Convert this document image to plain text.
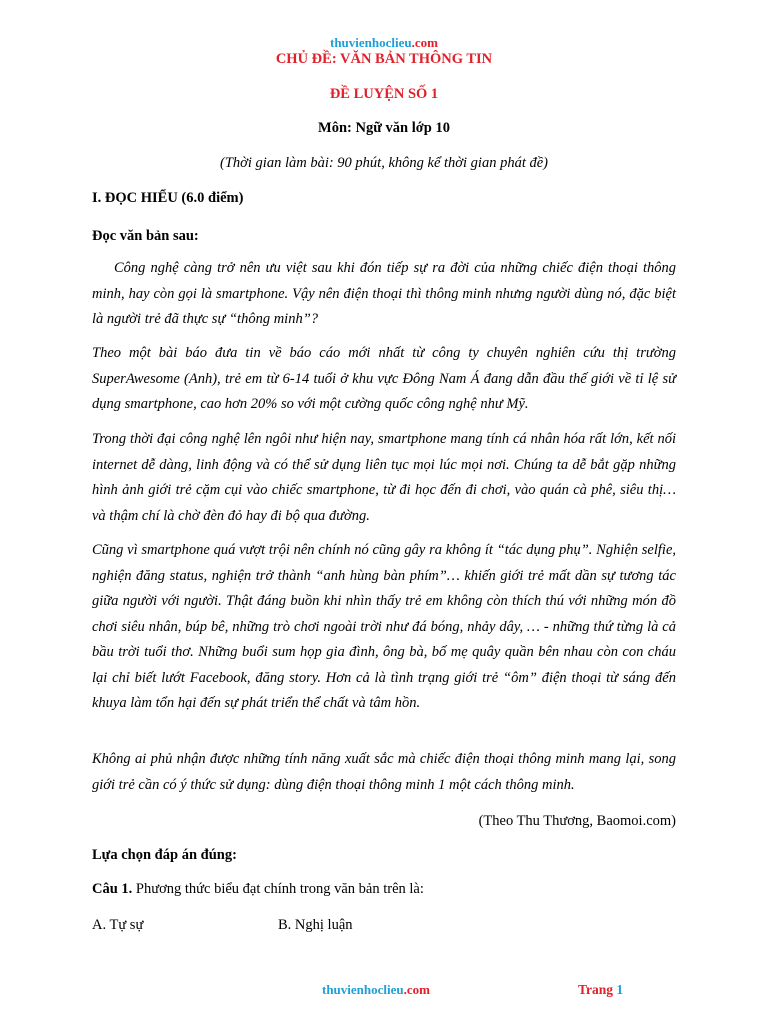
thuvienhoclieu.com
CHỦ ĐỀ: VĂN BẢN THÔNG TIN
ĐỀ LUYỆN SỐ 1
Môn: Ngữ văn lớp 10
(Thời gian làm bài: 90 phút, không kể thời gian phát đề)
I. ĐỌC HIỂU (6.0 điểm)
Đọc văn bản sau:

Công nghệ càng trở nên ưu việt sau khi đón tiếp sự ra đời của những chiếc điện thoại thông minh, hay còn gọi là smartphone. Vậy nên điện thoại thì thông minh nhưng người dùng nó, đặc biệt là người trẻ đã thực sự “thông minh”?

Theo một bài báo đưa tin về báo cáo mới nhất từ công ty chuyên nghiên cứu thị trường SuperAwesome (Anh), trẻ em từ 6-14 tuổi ở khu vực Đông Nam Á đang dẫn đầu thế giới về tỉ lệ sử dụng smartphone, cao hơn 20% so với một cường quốc công nghệ như Mỹ.

Trong thời đại công nghệ lên ngôi như hiện nay, smartphone mang tính cá nhân hóa rất lớn, kết nối internet dễ dàng, linh động và có thể sử dụng liên tục mọi lúc mọi nơi. Chúng ta dễ bắt gặp những hình ảnh giới trẻ cặm cụi vào chiếc smartphone, từ đi học đến đi chơi, vào quán cà phê, siêu thị… và thậm chí là chờ đèn đỏ hay đi bộ qua đường.

Cũng vì smartphone quá vượt trội nên chính nó cũng gây ra không ít “tác dụng phụ”. Nghiện selfie, nghiện đăng status, nghiện trở thành “anh hùng bàn phím”… khiến giới trẻ mất dần sự tương tác giữa người với người. Thật đáng buồn khi nhìn thấy trẻ em không còn thích thú với những món đồ chơi siêu nhân, búp bê, những trò chơi ngoài trời như đá bóng, nhảy dây, … - những thứ từng là cả bầu trời tuổi thơ. Những buổi sum họp gia đình, ông bà, bố mẹ quây quần bên nhau còn con cháu lại chỉ biết lướt Facebook, đăng story. Hơn cả là tình trạng giới trẻ “ôm” điện thoại từ sáng đến khuya làm tổn hại đến sự phát triển thể chất và tâm hồn.

Không ai phủ nhận được những tính năng xuất sắc mà chiếc điện thoại thông minh mang lại, song giới trẻ cần có ý thức sử dụng: dùng điện thoại thông minh 1 một cách thông minh.

(Theo Thu Thương, Baomoi.com)
Lựa chọn đáp án đúng:
Câu 1. Phương thức biểu đạt chính trong văn bản trên là:
A. Tự sự	B. Nghị luận
thuvienhoclieu.com	Trang 1
